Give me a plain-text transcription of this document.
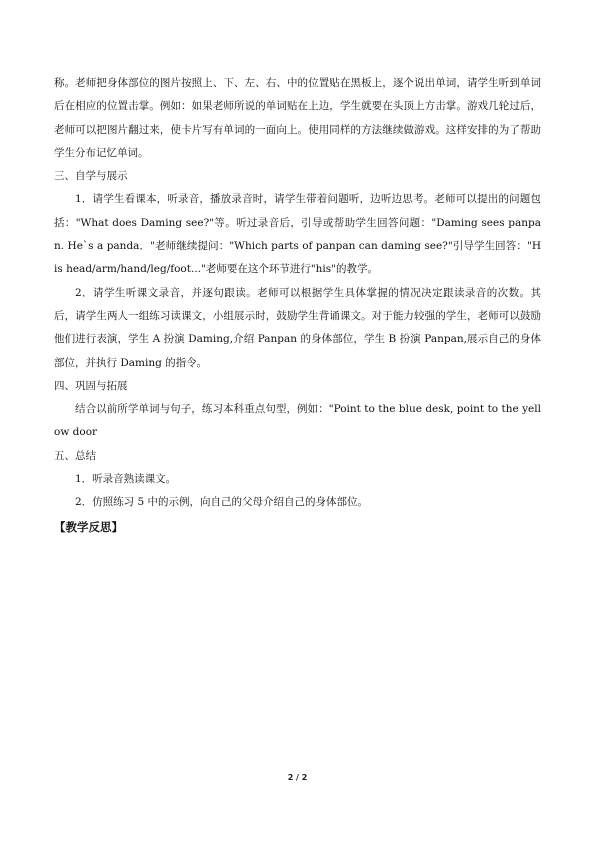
称。老师把身体部位的图片按照上、下、左、右、中的位置贴在黑板上，逐个说出单词，请学生听到单词后在相应的位置击掌。例如：如果老师所说的单词贴在上边，学生就要在头顶上方击掌。游戏几轮过后，老师可以把图片翻过来，使卡片写有单词的一面向上。使用同样的方法继续做游戏。这样安排的为了帮助学生分布记忆单词。

三、自学与展示

1．请学生看课本，听录音，播放录音时，请学生带着问题听，边听边思考。老师可以提出的问题包括："What does Daming see?"等。听过录音后，引导或帮助学生回答问题："Daming sees panpan. He`s a panda．"老师继续提问："Which parts of panpan can daming see?"引导学生回答："His head/arm/hand/leg/foot..."老师要在这个环节进行"his"的教学。

2．请学生听课文录音，并逐句跟读。老师可以根据学生具体掌握的情况决定跟读录音的次数。其后，请学生两人一组练习读课文，小组展示时，鼓励学生背诵课文。对于能力较强的学生，老师可以鼓励他们进行表演，学生 A 扮演 Daming,介绍 Panpan 的身体部位，学生 B 扮演 Panpan,展示自己的身体部位，并执行 Daming 的指令。

四、巩固与拓展

结合以前所学单词与句子，练习本科重点句型，例如："Point to the blue desk, point to the yellow door

五、总结

1．听录音熟读课文。

2．仿照练习 5 中的示例，向自己的父母介绍自己的身体部位。

【教学反思】

2 / 2
